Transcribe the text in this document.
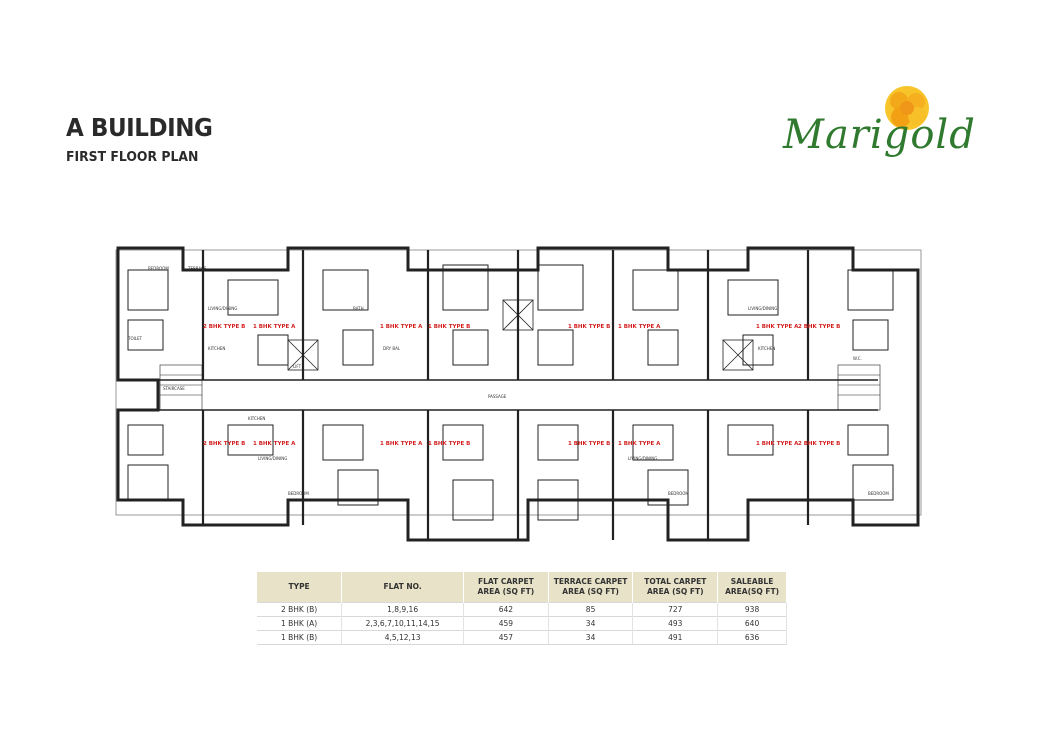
A BUILDING
FIRST FLOOR PLAN	Marigold
2 BHK TYPE B 1 BHK TYPE A	1 BHK TYPE A 1 BHK TYPE B	1 BHK TYPE B 1 BHK TYPE A	1 BHK TYPE A 2 BHK TYPE B
2 BHK TYPE B 1 BHK TYPE A	1 BHK TYPE A 1 BHK TYPE B	1 BHK TYPE B 1 BHK TYPE A	1 BHK TYPE A 2 BHK TYPE B
BEDROOM
LIVING/DINING
KITCHEN
TERRACE
TOILET
BATH
DRY BAL
LIFT
PASSAGE
STAIRCASE
BEDROOM
LIVING/DINING
KITCHEN
BEDROOM
LIVING/DINING
LIVING/DINING
KITCHEN
BEDROOM
W.C.
TYPE	FLAT NO.	FLAT CARPET AREA (SQ FT)	TERRACE CARPET AREA (SQ FT)	TOTAL CARPET AREA (SQ FT)	SALEABLE AREA(SQ FT)
2 BHK (B)	1,8,9,16	642	85	727	938
1 BHK (A)	2,3,6,7,10,11,14,15	459	34	493	640
1 BHK (B)	4,5,12,13	457	34	491	636
